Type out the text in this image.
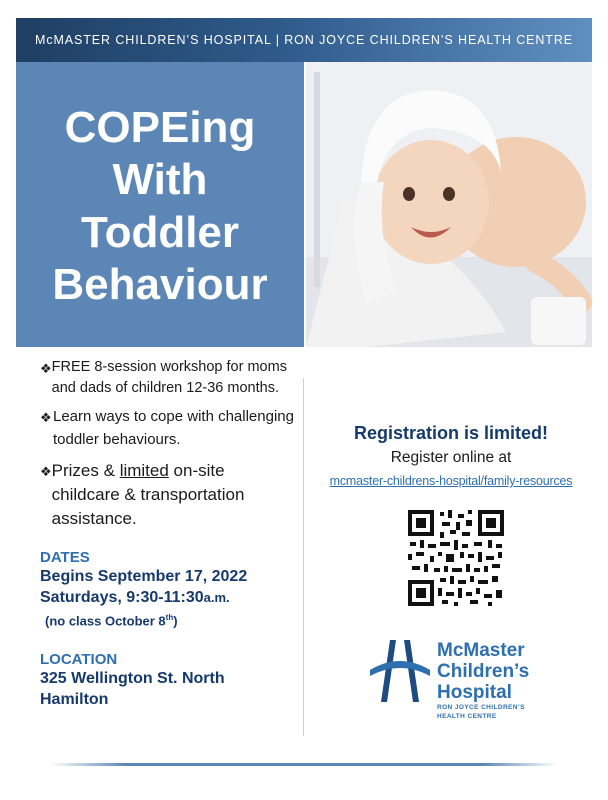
McMASTER CHILDREN’S HOSPITAL | RON JOYCE CHILDREN’S HEALTH CENTRE
COPEing
With
Toddler
Behaviour
❖ FREE 8-session workshop for moms and dads of children 12-36 months.
❖ Learn ways to cope with challenging toddler behaviours.
❖ Prizes & limited on-site childcare & transportation assistance.
DATES
Begins September 17, 2022
Saturdays, 9:30-11:30a.m.
(no class October 8th)
LOCATION
325 Wellington St. North
Hamilton
Registration is limited!
Register online at
mcmaster-childrens-hospital/family-resources
McMaster
Children’s
Hospital
RON JOYCE CHILDREN’S
HEALTH CENTRE
